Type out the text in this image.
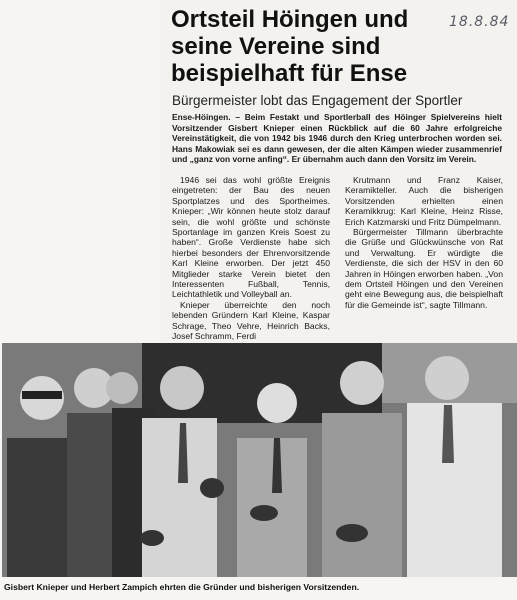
18.8.84
Ortsteil Höingen und
seine Vereine sind
beispielhaft für Ense

Bürgermeister lobt das Engagement der Sportler

Ense-Höingen. – Beim Festakt und Sportlerball des Höinger Spielvereins hielt Vorsitzender Gisbert Knieper einen Rückblick auf die 60 Jahre erfolgreiche Vereinstätigkeit, die von 1942 bis 1946 durch den Krieg unterbrochen worden sei. Hans Makowiak sei es dann gewesen, der die alten Kämpen wieder zusammenrief und „ganz von vorne anfing“. Er übernahm auch dann den Vorsitz im Verein.

1946 sei das wohl größte Ereignis eingetreten: der Bau des neuen Sportplatzes und des Sportheimes. Knieper: „Wir können heute stolz darauf sein, die wohl größte und schönste Sportanlage im ganzen Kreis Soest zu haben“. Große Verdienste habe sich hierbei besonders der Ehrenvorsitzende Karl Kleine erworben. Der jetzt 450 Mitglieder starke Verein bietet den Interessenten Fußball, Tennis, Leichtathletik und Volleyball an.

Knieper überreichte den noch lebenden Gründern Karl Kleine, Kaspar Schrage, Theo Vehre, Heinrich Backs, Josef Schramm, Ferdi

Krutmann und Franz Kaiser, Keramikteller. Auch die bisherigen Vorsitzenden erhielten einen Keramikkrug: Karl Kleine, Heinz Risse, Erich Katzmarski und Fritz Dümpelmann.

Bürgermeister Tillmann überbrachte die Grüße und Glückwünsche von Rat und Verwaltung. Er würdigte die Verdienste, die sich der HSV in den 60 Jahren in Höingen erworben haben. „Von dem Ortsteil Höingen und den Vereinen geht eine Bewegung aus, die beispielhaft für die Gemeinde ist“, sagte Tillmann.

Gisbert Knieper und Herbert Zampich ehrten die Gründer und bisherigen Vorsitzenden.
